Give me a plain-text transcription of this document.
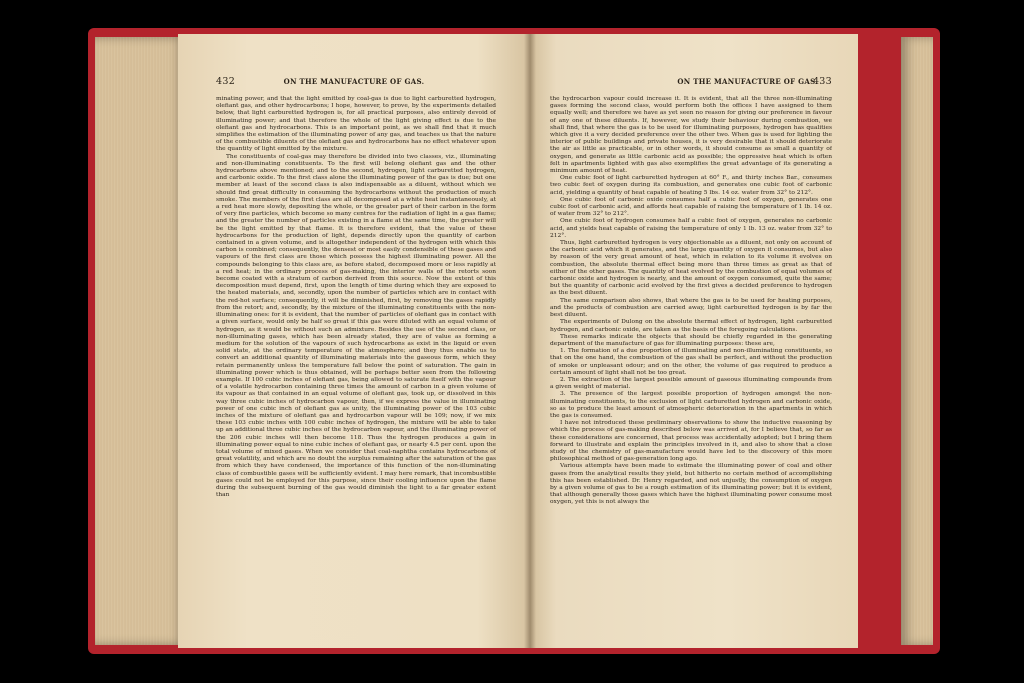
432	ON THE MANUFACTURE OF GAS.

minating power, and that the light emitted by coal-gas is due to light carburetted hydrogen, olefiant gas, and other hydrocarbons; I hope, however, to prove, by the experiments detailed below, that light carburetted hydrogen is, for all practical purposes, also entirely devoid of illuminating power; and that therefore the whole of the light giving effect is due to the olefiant gas and hydrocarbons. This is an important point, as we shall find that it much simplifies the estimation of the illuminating power of any gas, and teaches us that the nature of the combustible diluents of the olefiant gas and hydrocarbons has no effect whatever upon the quantity of light emitted by the mixture.

The constituents of coal-gas may therefore be divided into two classes, viz., illuminating and non-illuminating constituents. To the first will belong olefiant gas and the other hydrocarbons above mentioned; and to the second, hydrogen, light carburetted hydrogen, and carbonic oxide. To the first class alone the illuminating power of the gas is due; but one member at least of the second class is also indispensable as a diluent, without which we should find great difficulty in consuming the hydrocarbons without the production of much smoke. The members of the first class are all decomposed at a white heat instantaneously, at a red heat more slowly, depositing the whole, or the greater part of their carbon in the form of very fine particles, which become so many centres for the radiation of light in a gas flame; and the greater the number of particles existing in a flame at the same time, the greater will be the light emitted by that flame. It is therefore evident, that the value of these hydrocarbons for the production of light, depends directly upon the quantity of carbon contained in a given volume, and is altogether independent of the hydrogen with which this carbon is combined; consequently, the densest or most easily condensible of these gases and vapours of the first class are those which possess the highest illuminating power. All the compounds belonging to this class are, as before stated, decomposed more or less rapidly at a red heat; in the ordinary process of gas-making, the interior walls of the retorts soon become coated with a stratum of carbon derived from this source. Now the extent of this decomposition must depend, first, upon the length of time during which they are exposed to the heated materials, and, secondly, upon the number of particles which are in contact with the red-hot surface; consequently, it will be diminished, first, by removing the gases rapidly from the retort; and, secondly, by the mixture of the illuminating constituents with the non-illuminating ones: for it is evident, that the number of particles of olefiant gas in contact with a given surface, would only be half so great if this gas were diluted with an equal volume of hydrogen, as it would be without such an admixture. Besides the use of the second class, or non-illuminating gases, which has been already stated, they are of value as forming a medium for the solution of the vapours of such hydrocarbons as exist in the liquid or even solid state, at the ordinary temperature of the atmosphere; and they thus enable us to convert an additional quantity of illuminating materials into the gaseous form, which they retain permanently unless the temperature fall below the point of saturation. The gain in illuminating power which is thus obtained, will be perhaps better seen from the following example. If 100 cubic inches of olefiant gas, being allowed to saturate itself with the vapour of a volatile hydrocarbon containing three times the amount of carbon in a given volume of its vapour as that contained in an equal volume of olefiant gas, took up, or dissolved in this way three cubic inches of hydrocarbon vapour, then, if we express the value in illuminating power of one cubic inch of olefiant gas as unity, the illuminating power of the 103 cubic inches of the mixture of olefiant gas and hydrocarbon vapour will be 109; now, if we mix these 103 cubic inches with 100 cubic inches of hydrogen, the mixture will be able to take up an additional three cubic inches of the hydrocarbon vapour, and the illuminating power of the 206 cubic inches will then become 118. Thus the hydrogen produces a gain in illuminating power equal to nine cubic inches of olefiant gas, or nearly 4.5 per cent. upon the total volume of mixed gases. When we consider that coal-naphtha contains hydrocarbons of great volatility, and which are no doubt the surplus remaining after the saturation of the gas from which they have condensed, the importance of this function of the non-illuminating class of combustible gases will be sufficiently evident. I may here remark, that incombustible gases could not be employed for this purpose, since their cooling influence upon the flame during the subsequent burning of the gas would diminish the light to a far greater extent than

ON THE MANUFACTURE OF GAS.
433

the hydrocarbon vapour could increase it. It is evident, that all the three non-illuminating gases forming the second class, would perform both the offices I have assigned to them equally well; and therefore we have as yet seen no reason for giving our preference in favour of any one of these diluents. If, however, we study their behaviour during combustion, we shall find, that where the gas is to be used for illuminating purposes, hydrogen has qualities which give it a very decided preference over the other two. When gas is used for lighting the interior of public buildings and private houses, it is very desirable that it should deteriorate the air as little as practicable, or in other words, it should consume as small a quantity of oxygen, and generate as little carbonic acid as possible; the oppressive heat which is often felt in apartments lighted with gas also exemplifies the great advantage of its generating a minimum amount of heat.

One cubic foot of light carburetted hydrogen at 60° F., and thirty inches Bar., consumes two cubic feet of oxygen during its combustion, and generates one cubic foot of carbonic acid, yielding a quantity of heat capable of heating 5 lbs. 14 oz. water from 32° to 212°.

One cubic foot of carbonic oxide consumes half a cubic foot of oxygen, generates one cubic foot of carbonic acid, and affords heat capable of raising the temperature of 1 lb. 14 oz. of water from 32° to 212°.

One cubic foot of hydrogen consumes half a cubic foot of oxygen, generates no carbonic acid, and yields heat capable of raising the temperature of only 1 lb. 13 oz. water from 32° to 212°.

Thus, light carburetted hydrogen is very objectionable as a diluent, not only on account of the carbonic acid which it generates, and the large quantity of oxygen it consumes, but also by reason of the very great amount of heat, which in relation to its volume it evolves on combustion, the absolute thermal effect being more than three times as great as that of either of the other gases. The quantity of heat evolved by the combustion of equal volumes of carbonic oxide and hydrogen is nearly, and the amount of oxygen consumed, quite the same; but the quantity of carbonic acid evolved by the first gives a decided preference to hydrogen as the best diluent.

The same comparison also shows, that where the gas is to be used for heating purposes, and the products of combustion are carried away, light carburetted hydrogen is by far the best diluent.

The experiments of Dulong on the absolute thermal effect of hydrogen, light carburetted hydrogen, and carbonic oxide, are taken as the basis of the foregoing calculations.

These remarks indicate the objects that should be chiefly regarded in the generating department of the manufacture of gas for illuminating purposes: these are,

1. The formation of a due proportion of illuminating and non-illuminating constituents, so that on the one hand, the combustion of the gas shall be perfect, and without the production of smoke or unpleasant odour; and on the other, the volume of gas required to produce a certain amount of light shall not be too great.

2. The extraction of the largest possible amount of gaseous illuminating compounds from a given weight of material.

3. The presence of the largest possible proportion of hydrogen amongst the non-illuminating constituents, to the exclusion of light carburetted hydrogen and carbonic oxide, so as to produce the least amount of atmospheric deterioration in the apartments in which the gas is consumed.

I have not introduced these preliminary observations to show the inductive reasoning by which the process of gas-making described below was arrived at, for I believe that, so far as these considerations are concerned, that process was accidentally adopted; but I bring them forward to illustrate and explain the principles involved in it, and also to show that a close study of the chemistry of gas-manufacture would have led to the discovery of this more philosophical method of gas-generation long ago.

Various attempts have been made to estimate the illuminating power of coal and other gases from the analytical results they yield, but hitherto no certain method of accomplishing this has been established. Dr. Henry regarded, and not unjustly, the consumption of oxygen by a given volume of gas to be a rough estimation of its illuminating power; but it is evident, that although generally those gases which have the highest illuminating power consume most oxygen, yet this is not always the
